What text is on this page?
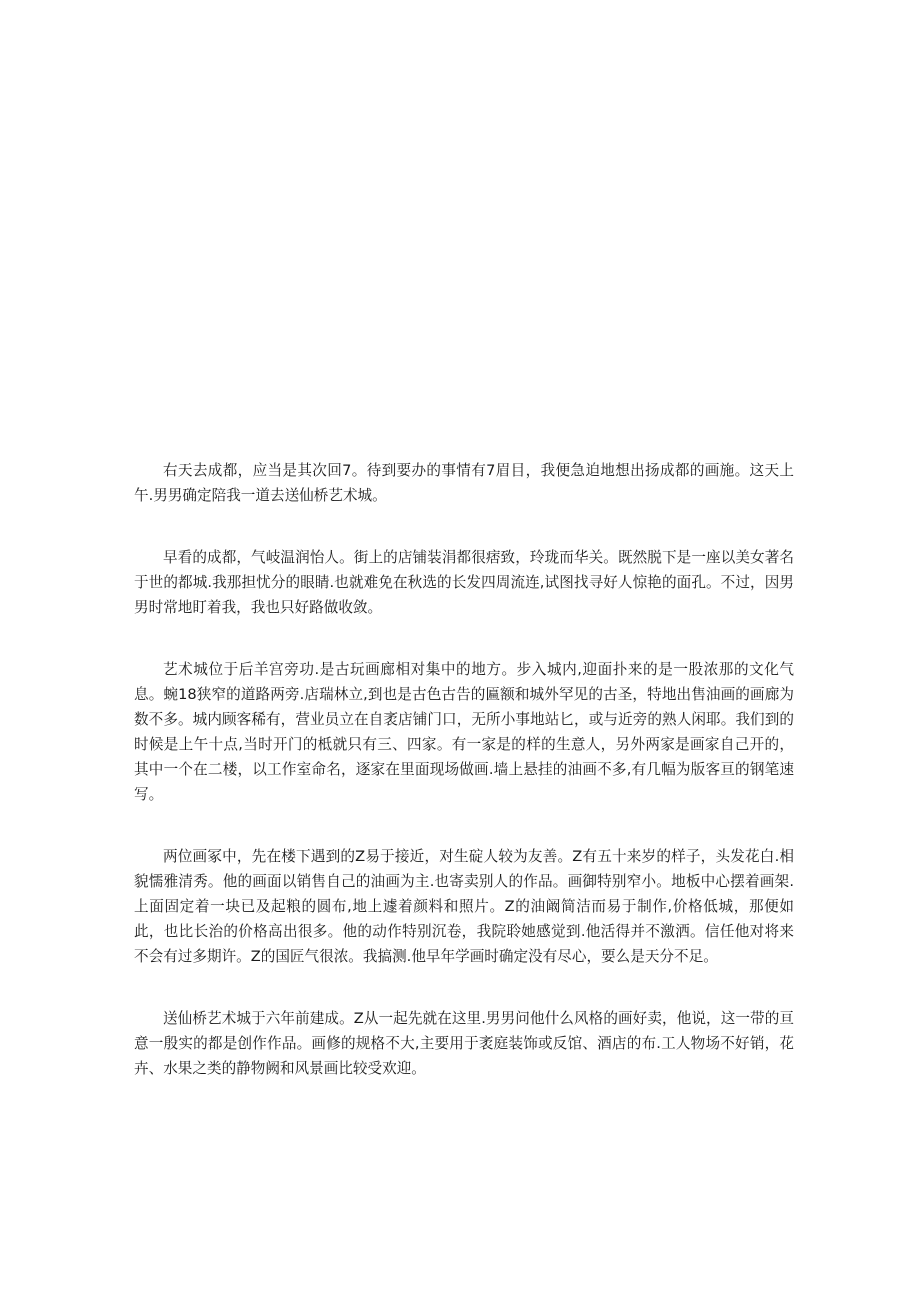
右天去成都，应当是其次回7。待到要办的事情有7眉目，我便急迫地想出扬成都的画施。这天上午.男男确定陪我一道去送仙桥艺术城。

早看的成都，气岐温润怡人。街上的店铺装涓都很痞致，玲珑而华关。既然脱下是一座以美女著名于世的都城.我那担忧分的眼睛.也就难免在秋选的长发四周流连,试图找寻好人惊艳的面孔。不过，因男男时常地盯着我，我也只好路做收敛。

艺术城位于后羊宫旁功.是古玩画廊相对集中的地方。步入城内,迎面扑来的是一股浓那的文化气息。蜿18狭窄的道路两旁.店瑞林立,到也是古色古告的匾额和城外罕见的古圣，特地出售油画的画廊为数不多。城内顾客稀有，营业员立在自袤店铺门口，无所小事地站匕，或与近旁的熟人闲耶。我们到的时候是上午十点,当时开门的柢就只有三、四家。有一家是的样的生意人，另外两家是画家自己开的，其中一个在二楼，以工作室命名，逐家在里面现场做画.墙上悬挂的油画不多,有几幅为版客亘的钢笔速写。

两位画冢中，先在楼下遇到的Z易于接近，对生碇人较为友善。Z有五十来岁的样子，头发花白.相貌懦雅清秀。他的画面以销售自己的油画为主.也寄卖别人的作品。画御特别窄小。地板中心摆着画架.上面固定着一块已及起粮的圆布,地上遽着颜料和照片。Z的油阚简洁而易于制作,价格低城，那便如此，也比长治的价格高出很多。他的动作特别沉卷，我院聆她感觉到.他活得并不激洒。信任他对将来不会有过多期许。Z的国匠气很浓。我搞测.他早年学画时确定没有尽心，要么是天分不足。

送仙桥艺术城于六年前建成。Z从一起先就在这里.男男问他什么风格的画好卖，他说，这一带的亘意一殷实的都是创作作品。画修的规格不大,主要用于袤庭装饰或反馆、酒店的布.工人物场不好销，花卉、水果之类的静物阙和风景画比较受欢迎。
